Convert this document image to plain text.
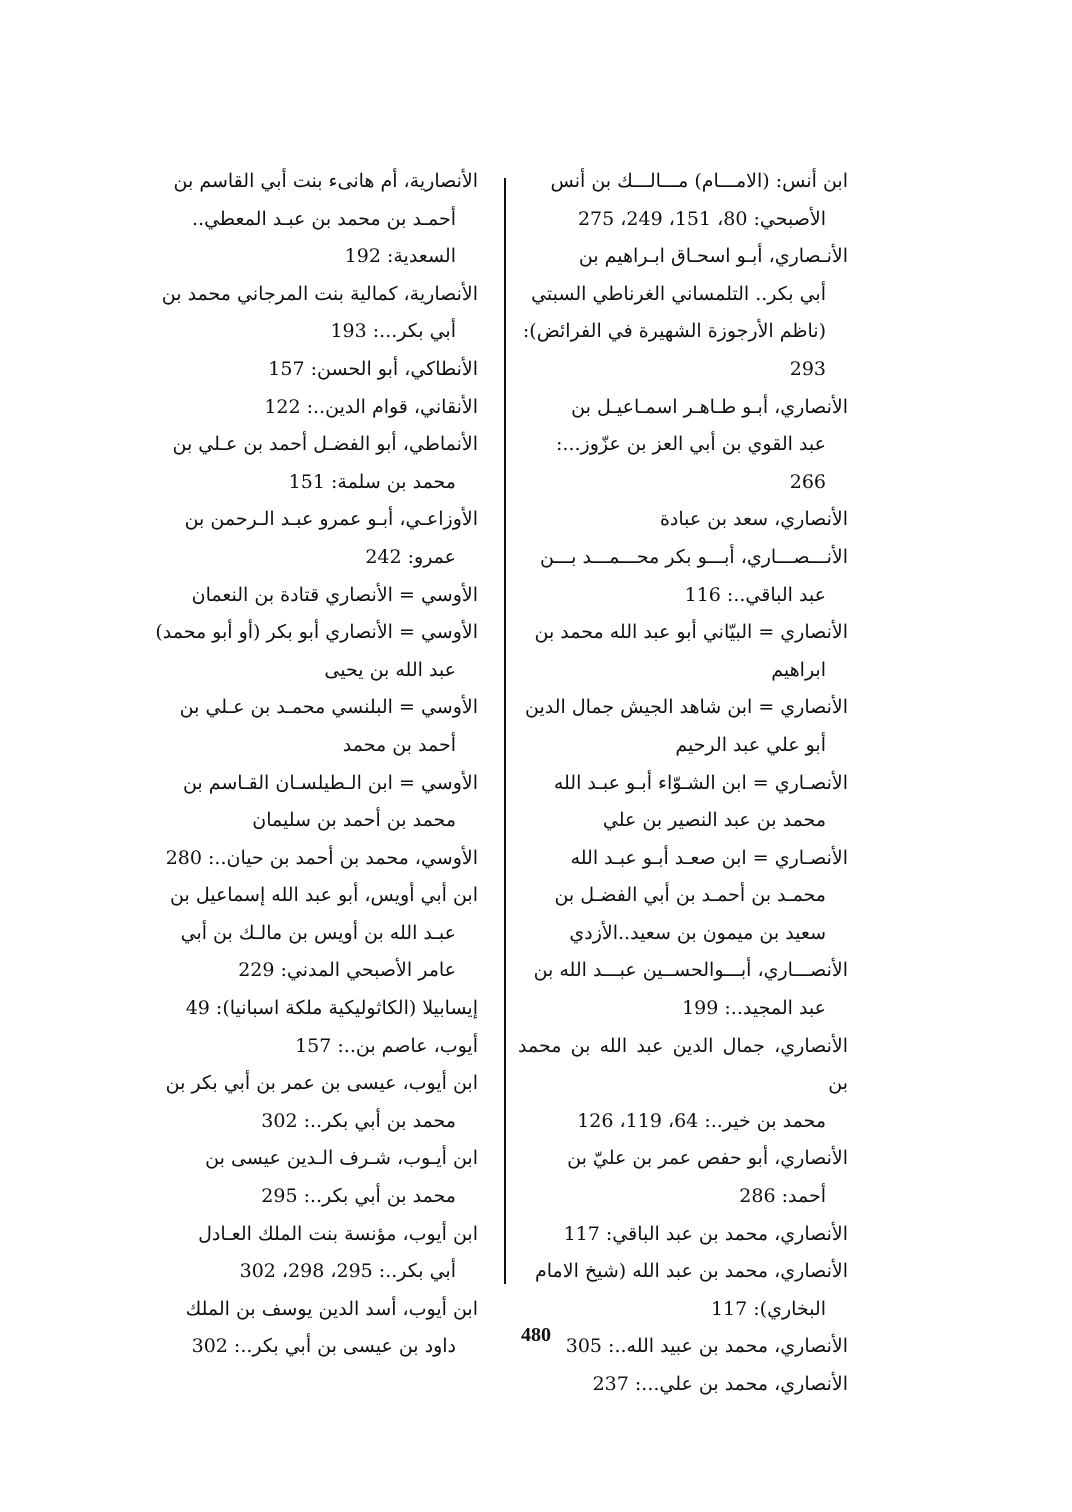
ابن أنس: (الامـــام) مـــالـــك بن أنس
الأصبحي: 80، 151، 249، 275
الأنـصاري، أبـو اسحـاق ابـراهيم بن
أبي بكر.. التلمساني الغرناطي السبتي
(ناظم الأرجوزة الشهيرة في الفرائض):
293
الأنصاري، أبـو طـاهـر اسمـاعيـل بن
عبد القوي بن أبي العز بن عزّوز...:
266
الأنصاري، سعد بن عبادة
الأنـــصـــاري، أبـــو بكر محـــمـــد بـــن
عبد الباقي..: 116
الأنصاري = البيّاني أبو عبد الله محمد بن
ابراهيم
الأنصاري = ابن شاهد الجيش جمال الدين
أبو علي عبد الرحيم
الأنصـاري = ابن الشـوّاء أبـو عبـد الله
محمد بن عبد النصير بن علي
الأنصـاري = ابن صعـد أبـو عبـد الله
محمـد بن أحمـد بن أبي الفضـل بن
سعيد بن ميمون بن سعيد..الأزدي
الأنصـــاري، أبـــوالحســين عبـــد الله بن
عبد المجيد..: 199
الأنصاري، جمال الدين عبد الله بن محمد بن
محمد بن خير..: 64، 119، 126
الأنصاري، أبو حفص عمر بن عليّ بن
أحمد: 286
الأنصاري، محمد بن عبد الباقي: 117
الأنصاري، محمد بن عبد الله (شيخ الامام
البخاري): 117
الأنصاري، محمد بن عبيد الله..: 305
الأنصاري، محمد بن علي...: 237
الأنصارية، أم هانىء بنت أبي القاسم بن
أحمـد بن محمد بن عبـد المعطي..
السعدية: 192
الأنصارية، كمالية بنت المرجاني محمد بن
أبي بكر...: 193
الأنطاكي، أبو الحسن: 157
الأنقاني، قوام الدين..: 122
الأنماطي، أبو الفضـل أحمد بن عـلي بن
محمد بن سلمة: 151
الأوزاعـي، أبـو عمرو عبـد الـرحمن بن
عمرو: 242
الأوسي = الأنصاري قتادة بن النعمان
الأوسي = الأنصاري أبو بكر (أو أبو محمد)
عبد الله بن يحيى
الأوسي = البلنسي محمـد بن عـلي بن
أحمد بن محمد
الأوسي = ابن الـطيلسـان القـاسم بن
محمد بن أحمد بن سليمان
الأوسي، محمد بن أحمد بن حيان..: 280
ابن أبي أويس، أبو عبد الله إسماعيل بن
عبـد الله بن أويس بن مالـك بن أبي
عامر الأصبحي المدني: 229
إيسابيلا (الكاثوليكية ملكة اسبانيا): 49
أيوب، عاصم بن..: 157
ابن أيوب، عيسى بن عمر بن أبي بكر بن
محمد بن أبي بكر..: 302
ابن أيـوب، شـرف الـدين عيسى بن
محمد بن أبي بكر..: 295
ابن أيوب، مؤنسة بنت الملك العـادل
أبي بكر..: 295، 298، 302
ابن أيوب، أسد الدين يوسف بن الملك
داود بن عيسى بن أبي بكر..: 302
480
